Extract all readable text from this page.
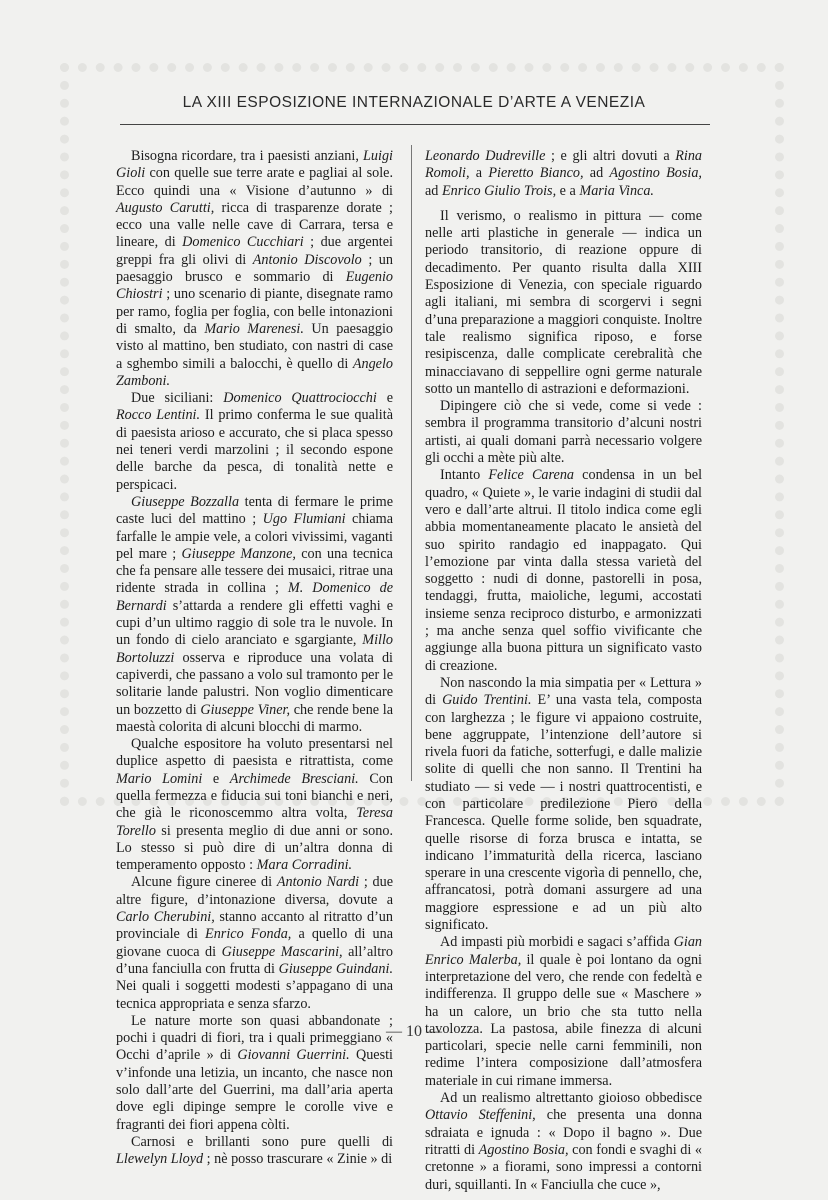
LA XIII ESPOSIZIONE INTERNAZIONALE D’ARTE A VENEZIA

Bisogna ricordare, tra i paesisti anziani, Luigi Gioli con quelle sue terre arate e pagliai al sole. Ecco quindi una « Visione d’autunno » di Augusto Carutti, ricca di trasparenze dorate ; ecco una valle nelle cave di Carrara, tersa e lineare, di Domenico Cucchiari ; due argentei greppi fra gli olivi di Antonio Discovolo ; un paesaggio brusco e sommario di Eugenio Chiostri ; uno scenario di piante, disegnate ramo per ramo, foglia per foglia, con belle intonazioni di smalto, da Mario Marenesi. Un paesaggio visto al mattino, ben studiato, con nastri di case a sghembo simili a balocchi, è quello di Angelo Zamboni.

Due siciliani: Domenico Quattrociocchi e Rocco Lentini. Il primo conferma le sue qualità di paesista arioso e accurato, che si placa spesso nei teneri verdi marzolini ; il secondo espone delle barche da pesca, di tonalità nette e perspicaci.

Giuseppe Bozzalla tenta di fermare le prime caste luci del mattino ; Ugo Flumiani chiama farfalle le ampie vele, a colori vivissimi, vaganti pel mare ; Giuseppe Manzone, con una tecnica che fa pensare alle tessere dei musaici, ritrae una ridente strada in collina ; M. Domenico de Bernardi s’attarda a rendere gli effetti vaghi e cupi d’un ultimo raggio di sole tra le nuvole. In un fondo di cielo aranciato e sgargiante, Millo Bortoluzzi osserva e riproduce una volata di capiverdi, che passano a volo sul tramonto per le solitarie lande palustri. Non voglio dimenticare un bozzetto di Giuseppe Viner, che rende bene la maestà colorita di alcuni blocchi di marmo.

Qualche espositore ha voluto presentarsi nel duplice aspetto di paesista e ritrattista, come Mario Lomini e Archimede Bresciani. Con quella fermezza e fiducia sui toni bianchi e neri, che già le riconoscemmo altra volta, Teresa Torello si presenta meglio di due anni or sono. Lo stesso si può dire di un’altra donna di temperamento opposto : Mara Corradini.

Alcune figure cineree di Antonio Nardi ; due altre figure, d’intonazione diversa, dovute a Carlo Cherubini, stanno accanto al ritratto d’un provinciale di Enrico Fonda, a quello di una giovane cuoca di Giuseppe Mascarini, all’altro d’una fanciulla con frutta di Giuseppe Guindani. Nei quali i soggetti modesti s’appagano di una tecnica appropriata e senza sfarzo.

Le nature morte son quasi abbandonate ; pochi i quadri di fiori, tra i quali primeggiano « Occhi d’aprile » di Giovanni Guerrini. Questi v’infonde una letizia, un incanto, che nasce non solo dall’arte del Guerrini, ma dall’aria aperta dove egli dipinge sempre le corolle vive e fragranti dei fiori appena còlti.

Carnosi e brillanti sono pure quelli di Llewelyn Lloyd ; nè posso trascurare « Zinie » di

Leonardo Dudreville ; e gli altri dovuti a Rina Romoli, a Pieretto Bianco, ad Agostino Bosia, ad Enrico Giulio Trois, e a Maria Vinca.

Il verismo, o realismo in pittura — come nelle arti plastiche in generale — indica un periodo transitorio, di reazione oppure di decadimento. Per quanto risulta dalla XIII Esposizione di Venezia, con speciale riguardo agli italiani, mi sembra di scorgervi i segni d’una preparazione a maggiori conquiste. Inoltre tale realismo significa riposo, e forse resipiscenza, dalle complicate cerebralità che minacciavano di seppellire ogni germe naturale sotto un mantello di astrazioni e deformazioni.

Dipingere ciò che si vede, come si vede : sembra il programma transitorio d’alcuni nostri artisti, ai quali domani parrà necessario volgere gli occhi a mète più alte.

Intanto Felice Carena condensa in un bel quadro, « Quiete », le varie indagini di studii dal vero e dall’arte altrui. Il titolo indica come egli abbia momentaneamente placato le ansietà del suo spirito randagio ed inappagato. Qui l’emozione par vinta dalla stessa varietà del soggetto : nudi di donne, pastorelli in posa, tendaggi, frutta, maioliche, legumi, accostati insieme senza reciproco disturbo, e armonizzati ; ma anche senza quel soffio vivificante che aggiunge alla buona pittura un significato vasto di creazione.

Non nascondo la mia simpatia per « Lettura » di Guido Trentini. E’ una vasta tela, composta con larghezza ; le figure vi appaiono costruite, bene aggruppate, l’intenzione dell’autore si rivela fuori da fatiche, sotterfugi, e dalle malizie solite di quelli che non sanno. Il Trentini ha studiato — si vede — i nostri quattrocentisti, e con particolare predilezione Piero della Francesca. Quelle forme solide, ben squadrate, quelle risorse di forza brusca e intatta, se indicano l’immaturità della ricerca, lasciano sperare in una crescente vigorìa di pennello, che, affrancatosi, potrà domani assurgere ad una maggiore espressione e ad un più alto significato.

Ad impasti più morbidi e sagaci s’affida Gian Enrico Malerba, il quale è poi lontano da ogni interpretazione del vero, che rende con fedeltà e indifferenza. Il gruppo delle sue « Maschere » ha un calore, un brio che sta tutto nella tavolozza. La pastosa, abile finezza di alcuni particolari, specie nelle carni femminili, non redime l’intera composizione dall’atmosfera materiale in cui rimane immersa.

Ad un realismo altrettanto gioioso obbedisce Ottavio Steffenini, che presenta una donna sdraiata e ignuda : « Dopo il bagno ». Due ritratti di Agostino Bosia, con fondi e svaghi di « cretonne » a fiorami, sono impressi a contorni duri, squillanti. In « Fanciulla che cuce »,

— 10 —
